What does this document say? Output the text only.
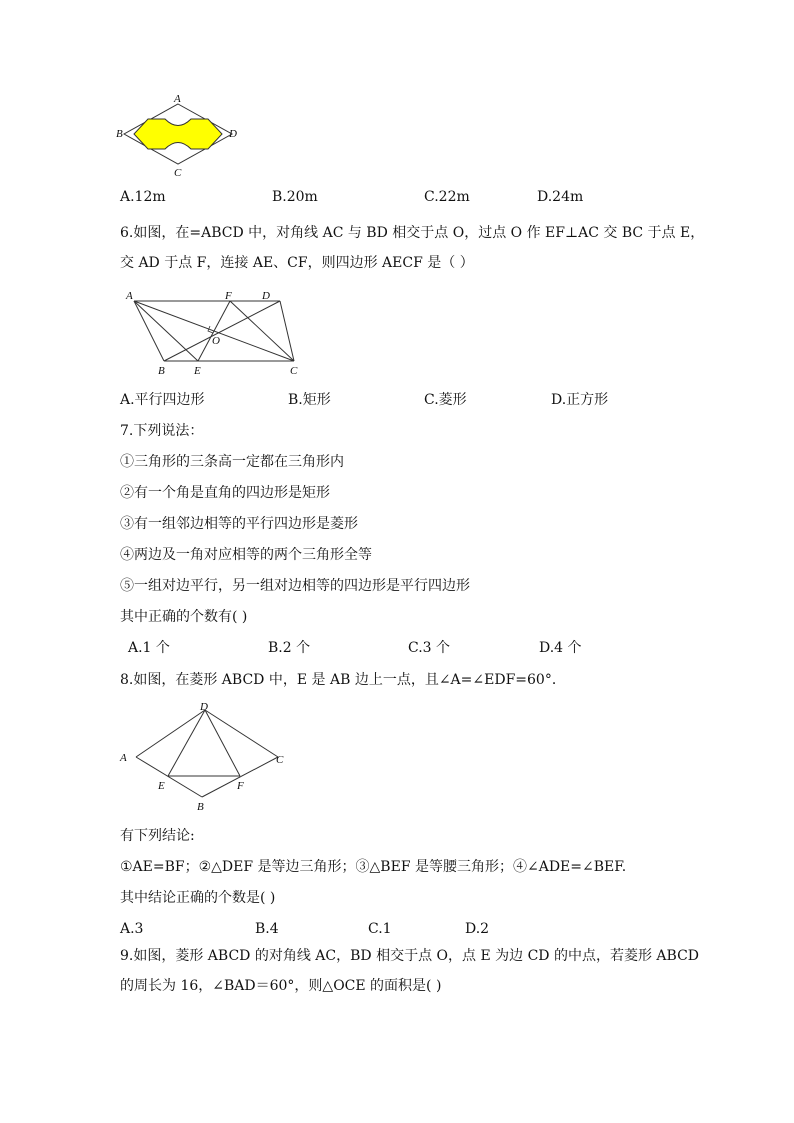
A
B
C
D
A.12m	B.20m	C.22m	D.24m
6.如图，在=ABCD 中，对角线 AC 与 BD 相交于点 O，过点 O 作 EF⊥AC 交 BC 于点 E，
交 AD 于点 F，连接 AE、CF，则四边形 AECF 是（ ）
A	F	D
O
B	E	C
A.平行四边形	B.矩形	C.菱形	D.正方形
7.下列说法：
①三角形的三条高一定都在三角形内
②有一个角是直角的四边形是矩形
③有一组邻边相等的平行四边形是菱形
④两边及一角对应相等的两个三角形全等
⑤一组对边平行，另一组对边相等的四边形是平行四边形
其中正确的个数有( )
A.1 个	B.2 个	C.3 个	D.4 个
8.如图，在菱形 ABCD 中，E 是 AB 边上一点，且∠A=∠EDF=60°．
D
A	C
E	F
B
有下列结论:
①AE=BF；②△DEF 是等边三角形；③△BEF 是等腰三角形；④∠ADE=∠BEF.
其中结论正确的个数是( )
A.3	B.4	C.1	D.2
9.如图，菱形 ABCD 的对角线 AC，BD 相交于点 O，点 E 为边 CD 的中点，若菱形 ABCD
的周长为 16，∠BAD＝60°，则△OCE 的面积是( )
